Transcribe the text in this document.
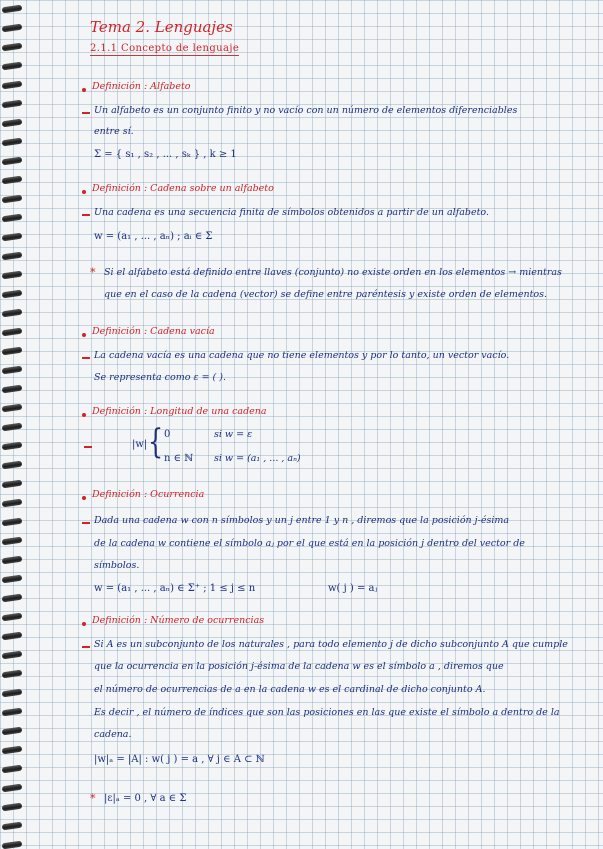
Tema 2. Lenguajes
2.1.1 Concepto de lenguaje
Definición : Alfabeto
Un alfabeto es un conjunto finito y no vacío con un número de elementos diferenciables
entre sí.
Σ = { s₁ , s₂ , ... , sₖ } , k ≥ 1
Definición : Cadena sobre un alfabeto
Una cadena es una secuencia finita de símbolos obtenidos a partir de un alfabeto.
w = (a₁ , ... , aₙ) ; aᵢ ∈ Σ
* Si el alfabeto está definido entre llaves (conjunto) no existe orden en los elementos → mientras
que en el caso de la cadena (vector) se define entre paréntesis y existe orden de elementos.
Definición : Cadena vacía
La cadena vacía es una cadena que no tiene elementos y por lo tanto, un vector vacío.
Se representa como ε = ( ).
Definición : Longitud de una cadena
|w| { 0	si w = ε
n ∈ ℕ si w = (a₁ , ... , aₙ)
Definición : Ocurrencia
Dada una cadena w con n símbolos y un j entre 1 y n , diremos que la posición j-ésima
de la cadena w contiene el símbolo aⱼ por el que está en la posición j dentro del vector de
símbolos.
w = (a₁ , ... , aₙ) ∈ Σ⁺ ; 1 ≤ j ≤ n	w( j ) = aⱼ
Definición : Número de ocurrencias
Si A es un subconjunto de los naturales , para todo elemento j de dicho subconjunto A que cumple
que la ocurrencia en la posición j-ésima de la cadena w es el símbolo a , diremos que
el número de ocurrencias de a en la cadena w es el cardinal de dicho conjunto A.
Es decir , el número de índices que son las posiciones en las que existe el símbolo a dentro de la
cadena.
|w|ₐ = |A| : w( j ) = a , ∀ j ∈ A ⊂ ℕ
* |ε|ₐ = 0 , ∀ a ∈ Σ
